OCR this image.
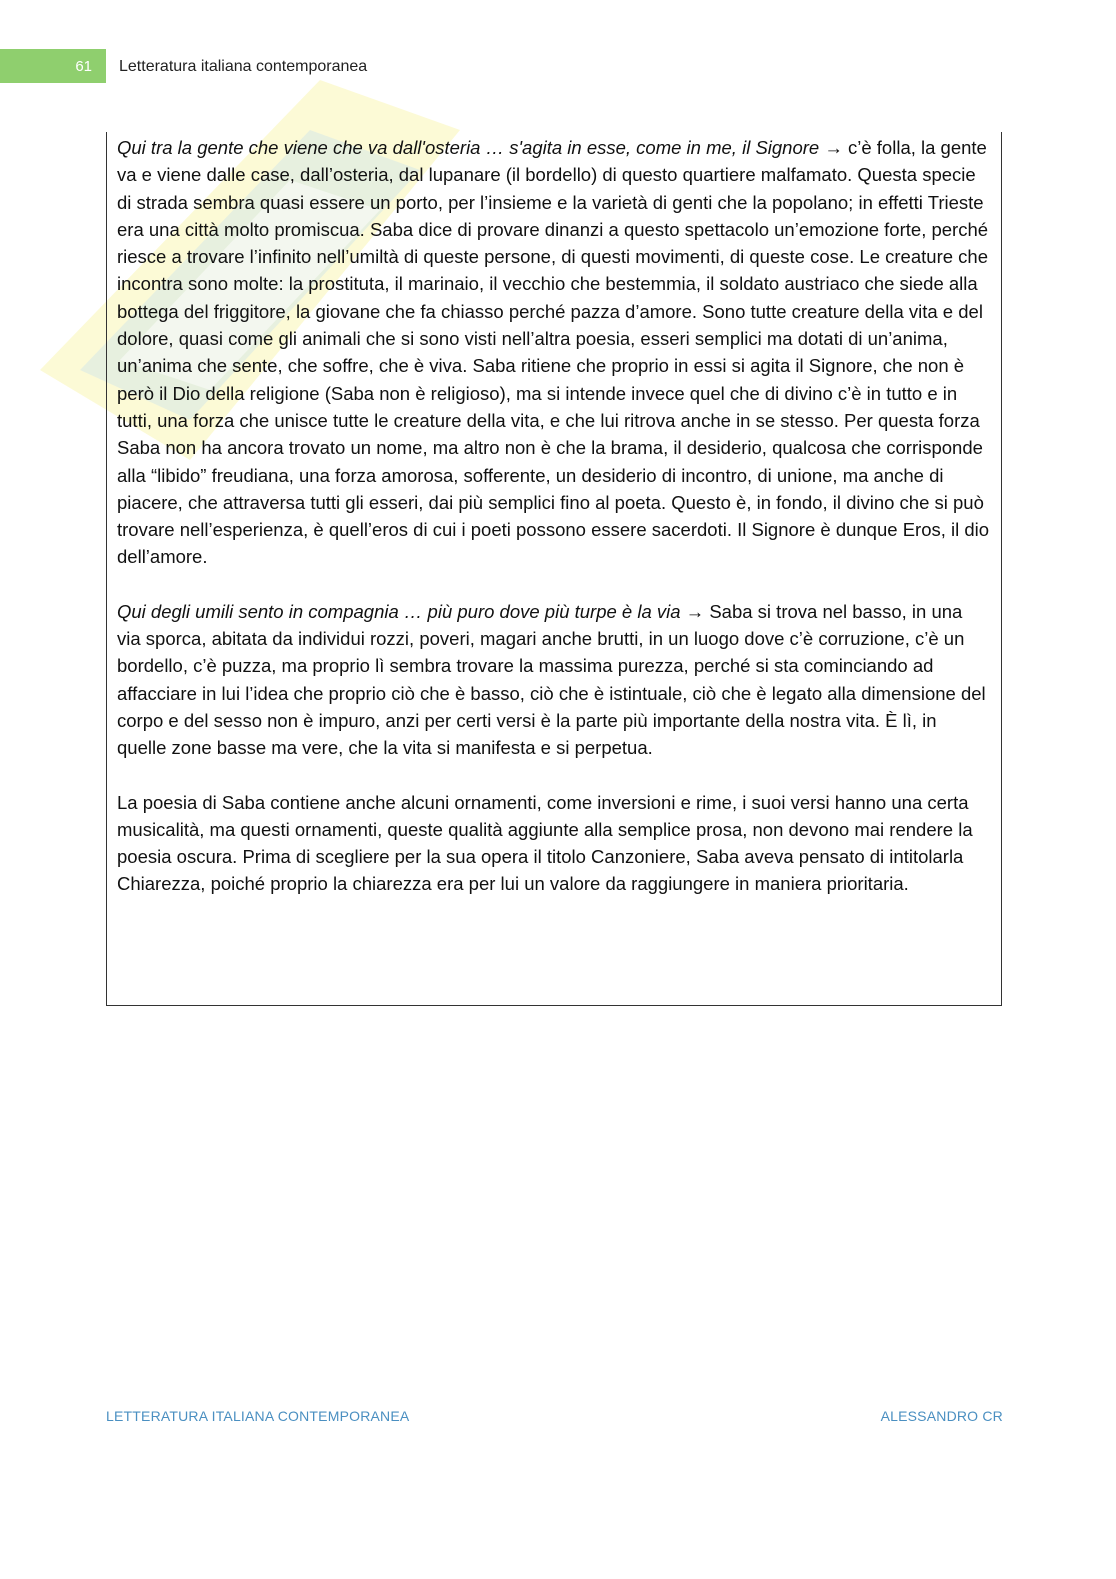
61	Letteratura italiana contemporanea

Qui tra la gente che viene che va dall'osteria … s'agita in esse, come in me, il Signore → c’è folla, la gente va e viene dalle case, dall’osteria, dal lupanare (il bordello) di questo quartiere malfamato. Questa specie di strada sembra quasi essere un porto, per l’insieme e la varietà di genti che la popolano; in effetti Trieste era una città molto promiscua. Saba dice di provare dinanzi a questo spettacolo un’emozione forte, perché riesce a trovare l’infinito nell’umiltà di queste persone, di questi movimenti, di queste cose. Le creature che incontra sono molte: la prostituta, il marinaio, il vecchio che bestemmia, il soldato austriaco che siede alla bottega del friggitore, la giovane che fa chiasso perché pazza d’amore. Sono tutte creature della vita e del dolore, quasi come gli animali che si sono visti nell’altra poesia, esseri semplici ma dotati di un’anima, un’anima che sente, che soffre, che è viva. Saba ritiene che proprio in essi si agita il Signore, che non è però il Dio della religione (Saba non è religioso), ma si intende invece quel che di divino c’è in tutto e in tutti, una forza che unisce tutte le creature della vita, e che lui ritrova anche in se stesso. Per questa forza Saba non ha ancora trovato un nome, ma altro non è che la brama, il desiderio, qualcosa che corrisponde alla “libido” freudiana, una forza amorosa, sofferente, un desiderio di incontro, di unione, ma anche di piacere, che attraversa tutti gli esseri, dai più semplici fino al poeta. Questo è, in fondo, il divino che si può trovare nell’esperienza, è quell’eros di cui i poeti possono essere sacerdoti. Il Signore è dunque Eros, il dio dell’amore.

Qui degli umili sento in compagnia … più puro dove più turpe è la via → Saba si trova nel basso, in una via sporca, abitata da individui rozzi, poveri, magari anche brutti, in un luogo dove c’è corruzione, c’è un bordello, c’è puzza, ma proprio lì sembra trovare la massima purezza, perché si sta cominciando ad affacciare in lui l’idea che proprio ciò che è basso, ciò che è istintuale, ciò che è legato alla dimensione del corpo e del sesso non è impuro, anzi per certi versi è la parte più importante della nostra vita. È lì, in quelle zone basse ma vere, che la vita si manifesta e si perpetua.

La poesia di Saba contiene anche alcuni ornamenti, come inversioni e rime, i suoi versi hanno una certa musicalità, ma questi ornamenti, queste qualità aggiunte alla semplice prosa, non devono mai rendere la poesia oscura. Prima di scegliere per la sua opera il titolo Canzoniere, Saba aveva pensato di intitolarla Chiarezza, poiché proprio la chiarezza era per lui un valore da raggiungere in maniera prioritaria.

LETTERATURA ITALIANA CONTEMPORANEA	ALESSANDRO CR
